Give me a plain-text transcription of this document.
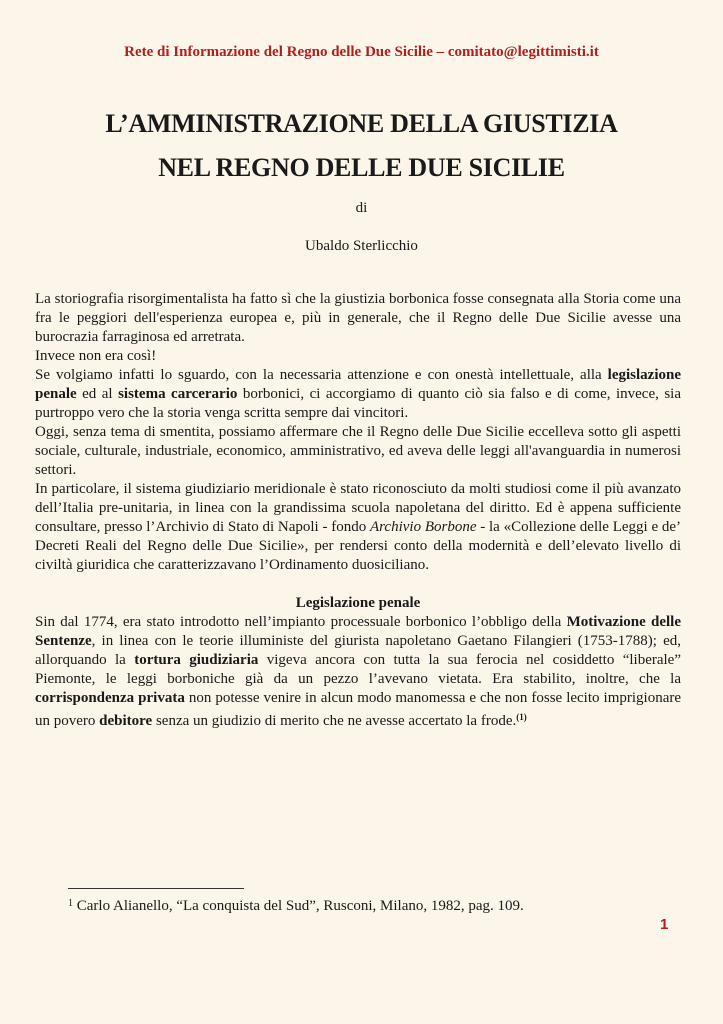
Rete di Informazione del Regno delle Due Sicilie – comitato@legittimisti.it
L’AMMINISTRAZIONE DELLA GIUSTIZIA
NEL REGNO DELLE DUE SICILIE
di
Ubaldo Sterlicchio

La storiografia risorgimentalista ha fatto sì che la giustizia borbonica fosse consegnata alla Storia come una fra le peggiori dell'esperienza europea e, più in generale, che il Regno delle Due Sicilie avesse una burocrazia farraginosa ed arretrata.

Invece non era così!

Se volgiamo infatti lo sguardo, con la necessaria attenzione e con onestà intellettuale, alla legislazione penale ed al sistema carcerario borbonici, ci accorgiamo di quanto ciò sia falso e di come, invece, sia purtroppo vero che la storia venga scritta sempre dai vincitori.

Oggi, senza tema di smentita, possiamo affermare che il Regno delle Due Sicilie eccelleva sotto gli aspetti sociale, culturale, industriale, economico, amministrativo, ed aveva delle leggi all'avanguardia in numerosi settori.

In particolare, il sistema giudiziario meridionale è stato riconosciuto da molti studiosi come il più avanzato dell’Italia pre-unitaria, in linea con la grandissima scuola napoletana del diritto. Ed è appena sufficiente consultare, presso l’Archivio di Stato di Napoli - fondo Archivio Borbone - la «Collezione delle Leggi e de’ Decreti Reali del Regno delle Due Sicilie», per rendersi conto della modernità e dell’elevato livello di civiltà giuridica che caratterizzavano l’Ordinamento duosiciliano.

Legislazione penale

Sin dal 1774, era stato introdotto nell’impianto processuale borbonico l’obbligo della Motivazione delle Sentenze, in linea con le teorie illuministe del giurista napoletano Gaetano Filangieri (1753-1788); ed, allorquando la tortura giudiziaria vigeva ancora con tutta la sua ferocia nel cosiddetto “liberale” Piemonte, le leggi borboniche già da un pezzo l’avevano vietata. Era stabilito, inoltre, che la corrispondenza privata non potesse venire in alcun modo manomessa e che non fosse lecito imprigionare un povero debitore senza un giudizio di merito che ne avesse accertato la frode.$^{(1)}$

$^1$ Carlo Alianello, “La conquista del Sud”, Rusconi, Milano, 1982, pag. 109.
1
